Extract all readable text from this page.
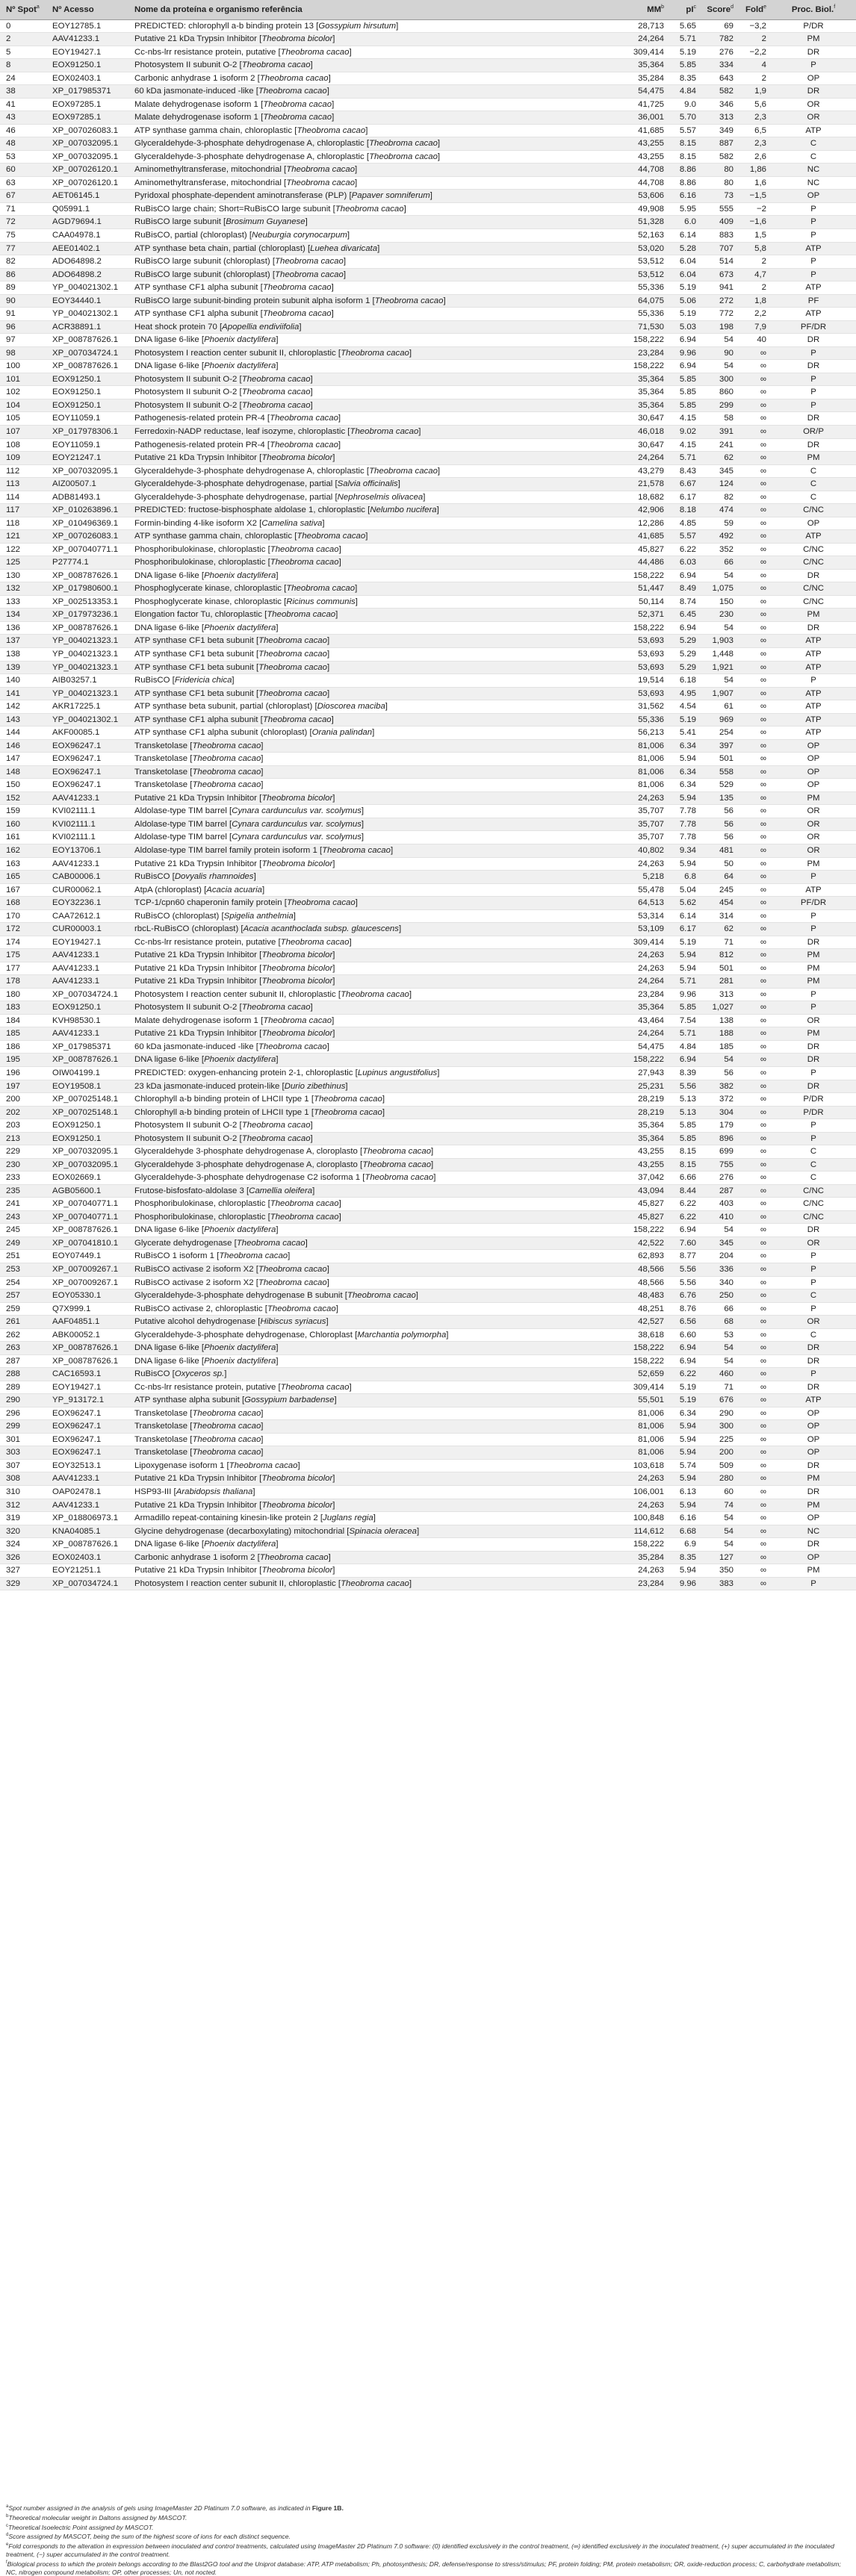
Nº Spot$^a$	Nº Acesso	Nome da proteína e organismo referência	$MM^b$	$pI^c$	Score$^d$	Fold$^e$	Proc. Biol.$^f$
0	EOY12785.1	PREDICTED: chlorophyll a-b binding protein 13 [Gossypium hirsutum]	28,713	5.65	69	−3,2	P/DR
2	AAV41233.1	Putative 21 kDa Trypsin Inhibitor [Theobroma bicolor]	24,264	5.71	782	2	PM
5	EOY19427.1	Cc-nbs-lrr resistance protein, putative [Theobroma cacao]	309,414	5.19	276	−2,2	DR
8	EOX91250.1	Photosystem II subunit O-2 [Theobroma cacao]	35,364	5.85	334	4	P
24	EOX02403.1	Carbonic anhydrase 1 isoform 2 [Theobroma cacao]	35,284	8.35	643	2	OP
38	XP_017985371	60 kDa jasmonate-induced -like [Theobroma cacao]	54,475	4.84	582	1,9	DR
41	EOX97285.1	Malate dehydrogenase isoform 1 [Theobroma cacao]	41,725	9.0	346	5,6	OR
43	EOX97285.1	Malate dehydrogenase isoform 1 [Theobroma cacao]	36,001	5.70	313	2,3	OR
46	XP_007026083.1	ATP synthase gamma chain, chloroplastic [Theobroma cacao]	41,685	5.57	349	6,5	ATP
48	XP_007032095.1	Glyceraldehyde-3-phosphate dehydrogenase A, chloroplastic [Theobroma cacao]	43,255	8.15	887	2,3	C
53	XP_007032095.1	Glyceraldehyde-3-phosphate dehydrogenase A, chloroplastic [Theobroma cacao]	43,255	8.15	582	2,6	C
60	XP_007026120.1	Aminomethyltransferase, mitochondrial [Theobroma cacao]	44,708	8.86	80	1,86	NC
63	XP_007026120.1	Aminomethyltransferase, mitochondrial [Theobroma cacao]	44,708	8.86	80	1,6	NC
67	AET06145.1	Pyridoxal phosphate-dependent aminotransferase (PLP) [Papaver somniferum]	53,606	6.16	73	−1,5	OP
71	Q05991.1	RuBisCO large chain; Short=RuBisCO large subunit [Theobroma cacao]	49,908	5.95	555	−2	P
72	AGD79694.1	RuBisCO large subunit [Brosimum Guyanese]	51,328	6.0	409	−1,6	P
75	CAA04978.1	RuBisCO, partial (chloroplast) [Neuburgia corynocarpum]	52,163	6.14	883	1,5	P
77	AEE01402.1	ATP synthase beta chain, partial (chloroplast) [Luehea divaricata]	53,020	5.28	707	5,8	ATP
82	ADO64898.2	RuBisCO large subunit (chloroplast) [Theobroma cacao]	53,512	6.04	514	2	P
86	ADO64898.2	RuBisCO large subunit (chloroplast) [Theobroma cacao]	53,512	6.04	673	4,7	P
89	YP_004021302.1	ATP synthase CF1 alpha subunit [Theobroma cacao]	55,336	5.19	941	2	ATP
90	EOY34440.1	RuBisCO large subunit-binding protein subunit alpha isoform 1 [Theobroma cacao]	64,075	5.06	272	1,8	PF
91	YP_004021302.1	ATP synthase CF1 alpha subunit [Theobroma cacao]	55,336	5.19	772	2,2	ATP
96	ACR38891.1	Heat shock protein 70 [Apopellia endiviifolia]	71,530	5.03	198	7,9	PF/DR
97	XP_008787626.1	DNA ligase 6-like [Phoenix dactylifera]	158,222	6.94	54	40	DR
98	XP_007034724.1	Photosystem I reaction center subunit II, chloroplastic [Theobroma cacao]	23,284	9.96	90	∞	P
100	XP_008787626.1	DNA ligase 6-like [Phoenix dactylifera]	158,222	6.94	54	∞	DR
101	EOX91250.1	Photosystem II subunit O-2 [Theobroma cacao]	35,364	5.85	300	∞	P
102	EOX91250.1	Photosystem II subunit O-2 [Theobroma cacao]	35,364	5.85	860	∞	P
104	EOX91250.1	Photosystem II subunit O-2 [Theobroma cacao]	35,364	5.85	299	∞	P
105	EOY11059.1	Pathogenesis-related protein PR-4 [Theobroma cacao]	30,647	4.15	58	∞	DR
107	XP_017978306.1	Ferredoxin-NADP reductase, leaf isozyme, chloroplastic [Theobroma cacao]	46,018	9.02	391	∞	OR/P
108	EOY11059.1	Pathogenesis-related protein PR-4 [Theobroma cacao]	30,647	4.15	241	∞	DR
109	EOY21247.1	Putative 21 kDa Trypsin Inhibitor [Theobroma bicolor]	24,264	5.71	62	∞	PM
112	XP_007032095.1	Glyceraldehyde-3-phosphate dehydrogenase A, chloroplastic [Theobroma cacao]	43,279	8.43	345	∞	C
113	AIZ00507.1	Glyceraldehyde-3-phosphate dehydrogenase, partial [Salvia officinalis]	21,578	6.67	124	∞	C
114	ADB81493.1	Glyceraldehyde-3-phosphate dehydrogenase, partial [Nephroselmis olivacea]	18,682	6.17	82	∞	C
117	XP_010263896.1	PREDICTED: fructose-bisphosphate aldolase 1, chloroplastic [Nelumbo nucifera]	42,906	8.18	474	∞	C/NC
118	XP_010496369.1	Formin-binding 4-like isoform X2 [Camelina sativa]	12,286	4.85	59	∞	OP
121	XP_007026083.1	ATP synthase gamma chain, chloroplastic [Theobroma cacao]	41,685	5.57	492	∞	ATP
122	XP_007040771.1	Phosphoribulokinase, chloroplastic [Theobroma cacao]	45,827	6.22	352	∞	C/NC
125	P27774.1	Phosphoribulokinase, chloroplastic [Theobroma cacao]	44,486	6.03	66	∞	C/NC
130	XP_008787626.1	DNA ligase 6-like [Phoenix dactylifera]	158,222	6.94	54	∞	DR
132	XP_017980600.1	Phosphoglycerate kinase, chloroplastic [Theobroma cacao]	51,447	8.49	1,075	∞	C/NC
133	XP_002513353.1	Phosphoglycerate kinase, chloroplastic [Ricinus communis]	50,114	8.74	150	∞	C/NC
134	XP_017973236.1	Elongation factor Tu, chloroplastic [Theobroma cacao]	52,371	6.45	230	∞	PM
136	XP_008787626.1	DNA ligase 6-like [Phoenix dactylifera]	158,222	6.94	54	∞	DR
137	YP_004021323.1	ATP synthase CF1 beta subunit [Theobroma cacao]	53,693	5.29	1,903	∞	ATP
138	YP_004021323.1	ATP synthase CF1 beta subunit [Theobroma cacao]	53,693	5.29	1,448	∞	ATP
139	YP_004021323.1	ATP synthase CF1 beta subunit [Theobroma cacao]	53,693	5.29	1,921	∞	ATP
140	AIB03257.1	RuBisCO [Fridericia chica]	19,514	6.18	54	∞	P
141	YP_004021323.1	ATP synthase CF1 beta subunit [Theobroma cacao]	53,693	4.95	1,907	∞	ATP
142	AKR17225.1	ATP synthase beta subunit, partial (chloroplast) [Dioscorea maciba]	31,562	4.54	61	∞	ATP
143	YP_004021302.1	ATP synthase CF1 alpha subunit [Theobroma cacao]	55,336	5.19	969	∞	ATP
144	AKF00085.1	ATP synthase CF1 alpha subunit (chloroplast) [Orania palindan]	56,213	5.41	254	∞	ATP
146	EOX96247.1	Transketolase [Theobroma cacao]	81,006	6.34	397	∞	OP
147	EOX96247.1	Transketolase [Theobroma cacao]	81,006	5.94	501	∞	OP
148	EOX96247.1	Transketolase [Theobroma cacao]	81,006	6.34	558	∞	OP
150	EOX96247.1	Transketolase [Theobroma cacao]	81,006	6.34	529	∞	OP
152	AAV41233.1	Putative 21 kDa Trypsin Inhibitor [Theobroma bicolor]	24,263	5.94	135	∞	PM
159	KVI02111.1	Aldolase-type TIM barrel [Cynara cardunculus var. scolymus]	35,707	7.78	56	∞	OR
160	KVI02111.1	Aldolase-type TIM barrel [Cynara cardunculus var. scolymus]	35,707	7.78	56	∞	OR
161	KVI02111.1	Aldolase-type TIM barrel [Cynara cardunculus var. scolymus]	35,707	7.78	56	∞	OR
162	EOY13706.1	Aldolase-type TIM barrel family protein isoform 1 [Theobroma cacao]	40,802	9.34	481	∞	OR
163	AAV41233.1	Putative 21 kDa Trypsin Inhibitor [Theobroma bicolor]	24,263	5.94	50	∞	PM
165	CAB00006.1	RuBisCO [Dovyalis rhamnoides]	5,218	6.8	64	∞	P
167	CUR00062.1	AtpA (chloroplast) [Acacia acuaria]	55,478	5.04	245	∞	ATP
168	EOY32236.1	TCP-1/cpn60 chaperonin family protein [Theobroma cacao]	64,513	5.62	454	∞	PF/DR
170	CAA72612.1	RuBisCO (chloroplast) [Spigelia anthelmia]	53,314	6.14	314	∞	P
172	CUR00003.1	rbcL-RuBisCO (chloroplast) [Acacia acanthoclada subsp. glaucescens]	53,109	6.17	62	∞	P
174	EOY19427.1	Cc-nbs-lrr resistance protein, putative [Theobroma cacao]	309,414	5.19	71	∞	DR
175	AAV41233.1	Putative 21 kDa Trypsin Inhibitor [Theobroma bicolor]	24,263	5.94	812	∞	PM
177	AAV41233.1	Putative 21 kDa Trypsin Inhibitor [Theobroma bicolor]	24,263	5.94	501	∞	PM
178	AAV41233.1	Putative 21 kDa Trypsin Inhibitor [Theobroma bicolor]	24,264	5.71	281	∞	PM
180	XP_007034724.1	Photosystem I reaction center subunit II, chloroplastic [Theobroma cacao]	23,284	9.96	313	∞	P
183	EOX91250.1	Photosystem II subunit O-2 [Theobroma cacao]	35,364	5.85	1,027	∞	P
184	KVH98530.1	Malate dehydrogenase isoform 1 [Theobroma cacao]	43,464	7.54	138	∞	OR
185	AAV41233.1	Putative 21 kDa Trypsin Inhibitor [Theobroma bicolor]	24,264	5.71	188	∞	PM
186	XP_017985371	60 kDa jasmonate-induced -like [Theobroma cacao]	54,475	4.84	185	∞	DR
195	XP_008787626.1	DNA ligase 6-like [Phoenix dactylifera]	158,222	6.94	54	∞	DR
196	OIW04199.1	PREDICTED: oxygen-enhancing protein 2-1, chloroplastic [Lupinus angustifolius]	27,943	8.39	56	∞	P
197	EOY19508.1	23 kDa jasmonate-induced protein-like [Durio zibethinus]	25,231	5.56	382	∞	DR
200	XP_007025148.1	Chlorophyll a-b binding protein of LHCII type 1 [Theobroma cacao]	28,219	5.13	372	∞	P/DR
202	XP_007025148.1	Chlorophyll a-b binding protein of LHCII type 1 [Theobroma cacao]	28,219	5.13	304	∞	P/DR
203	EOX91250.1	Photosystem II subunit O-2 [Theobroma cacao]	35,364	5.85	179	∞	P
213	EOX91250.1	Photosystem II subunit O-2 [Theobroma cacao]	35,364	5.85	896	∞	P
229	XP_007032095.1	Glyceraldehyde 3-phosphate dehydrogenase A, cloroplasto [Theobroma cacao]	43,255	8.15	699	∞	C
230	XP_007032095.1	Glyceraldehyde 3-phosphate dehydrogenase A, cloroplasto [Theobroma cacao]	43,255	8.15	755	∞	C
233	EOX02669.1	Glyceraldehyde-3-phosphate dehydrogenase C2 isoforma 1 [Theobroma cacao]	37,042	6.66	276	∞	C
235	AGB05600.1	Frutose-bisfosfato-aldolase 3 [Camellia oleifera]	43,094	8.44	287	∞	C/NC
241	XP_007040771.1	Phosphoribulokinase, chloroplastic [Theobroma cacao]	45,827	6.22	403	∞	C/NC
243	XP_007040771.1	Phosphoribulokinase, chloroplastic [Theobroma cacao]	45,827	6.22	410	∞	C/NC
245	XP_008787626.1	DNA ligase 6-like [Phoenix dactylifera]	158,222	6.94	54	∞	DR
249	XP_007041810.1	Glycerate dehydrogenase [Theobroma cacao]	42,522	7.60	345	∞	OR
251	EOY07449.1	RuBisCO 1 isoform 1 [Theobroma cacao]	62,893	8.77	204	∞	P
253	XP_007009267.1	RuBisCO activase 2 isoform X2 [Theobroma cacao]	48,566	5.56	336	∞	P
254	XP_007009267.1	RuBisCO activase 2 isoform X2 [Theobroma cacao]	48,566	5.56	340	∞	P
257	EOY05330.1	Glyceraldehyde-3-phosphate dehydrogenase B subunit [Theobroma cacao]	48,483	6.76	250	∞	C
259	Q7X999.1	RuBisCO activase 2, chloroplastic [Theobroma cacao]	48,251	8.76	66	∞	P
261	AAF04851.1	Putative alcohol dehydrogenase [Hibiscus syriacus]	42,527	6.56	68	∞	OR
262	ABK00052.1	Glyceraldehyde-3-phosphate dehydrogenase, Chloroplast [Marchantia polymorpha]	38,618	6.60	53	∞	C
263	XP_008787626.1	DNA ligase 6-like [Phoenix dactylifera]	158,222	6.94	54	∞	DR
287	XP_008787626.1	DNA ligase 6-like [Phoenix dactylifera]	158,222	6.94	54	∞	DR
288	CAC16593.1	RuBisCO [Oxyceros sp.]	52,659	6.22	460	∞	P
289	EOY19427.1	Cc-nbs-lrr resistance protein, putative [Theobroma cacao]	309,414	5.19	71	∞	DR
290	YP_913172.1	ATP synthase alpha subunit [Gossypium barbadense]	55,501	5.19	676	∞	ATP
296	EOX96247.1	Transketolase [Theobroma cacao]	81,006	6.34	290	∞	OP
299	EOX96247.1	Transketolase [Theobroma cacao]	81,006	5.94	300	∞	OP
301	EOX96247.1	Transketolase [Theobroma cacao]	81,006	5.94	225	∞	OP
303	EOX96247.1	Transketolase [Theobroma cacao]	81,006	5.94	200	∞	OP
307	EOY32513.1	Lipoxygenase isoform 1 [Theobroma cacao]	103,618	5.74	509	∞	DR
308	AAV41233.1	Putative 21 kDa Trypsin Inhibitor [Theobroma bicolor]	24,263	5.94	280	∞	PM
310	OAP02478.1	HSP93-III [Arabidopsis thaliana]	106,001	6.13	60	∞	DR
312	AAV41233.1	Putative 21 kDa Trypsin Inhibitor [Theobroma bicolor]	24,263	5.94	74	∞	PM
319	XP_018806973.1	Armadillo repeat-containing kinesin-like protein 2 [Juglans regia]	100,848	6.16	54	∞	OP
320	KNA04085.1	Glycine dehydrogenase (decarboxylating) mitochondrial [Spinacia oleracea]	114,612	6.68	54	∞	NC
324	XP_008787626.1	DNA ligase 6-like [Phoenix dactylifera]	158,222	6.9	54	∞	DR
326	EOX02403.1	Carbonic anhydrase 1 isoform 2 [Theobroma cacao]	35,284	8.35	127	∞	OP
327	EOY21251.1	Putative 21 kDa Trypsin Inhibitor [Theobroma bicolor]	24,263	5.94	350	∞	PM
329	XP_007034724.1	Photosystem I reaction center subunit II, chloroplastic [Theobroma cacao]	23,284	9.96	383	∞	P

$^a$Spot number assigned in the analysis of gels using ImageMaster 2D Platinum 7.0 software, as indicated in Figure 1B.

$^b$Theoretical molecular weight in Daltons assigned by MASCOT.

$^c$Theoretical Isoelectric Point assigned by MASCOT.

$^d$Score assigned by MASCOT, being the sum of the highest score of ions for each distinct sequence.

$^e$Fold corresponds to the alteration in expression between inoculated and control treatments, calculated using ImageMaster 2D Platinum 7.0 software: (0) identified exclusively in the control treatment, (∞) identified exclusively in the inoculated treatment, (+) super accumulated in the inoculated treatment, (−) super accumulated in the control treatment.

$^f$Biological process to which the protein belongs according to the Blast2GO tool and the Uniprot database: ATP, ATP metabolism; Ph, photosynthesis; DR, defense/response to stress/stimulus; PF, protein folding; PM, protein metabolism; OR, oxide-reduction process; C, carbohydrate metabolism; NC, nitrogen compound metabolism; OP, other processes; Un, not nocted.
